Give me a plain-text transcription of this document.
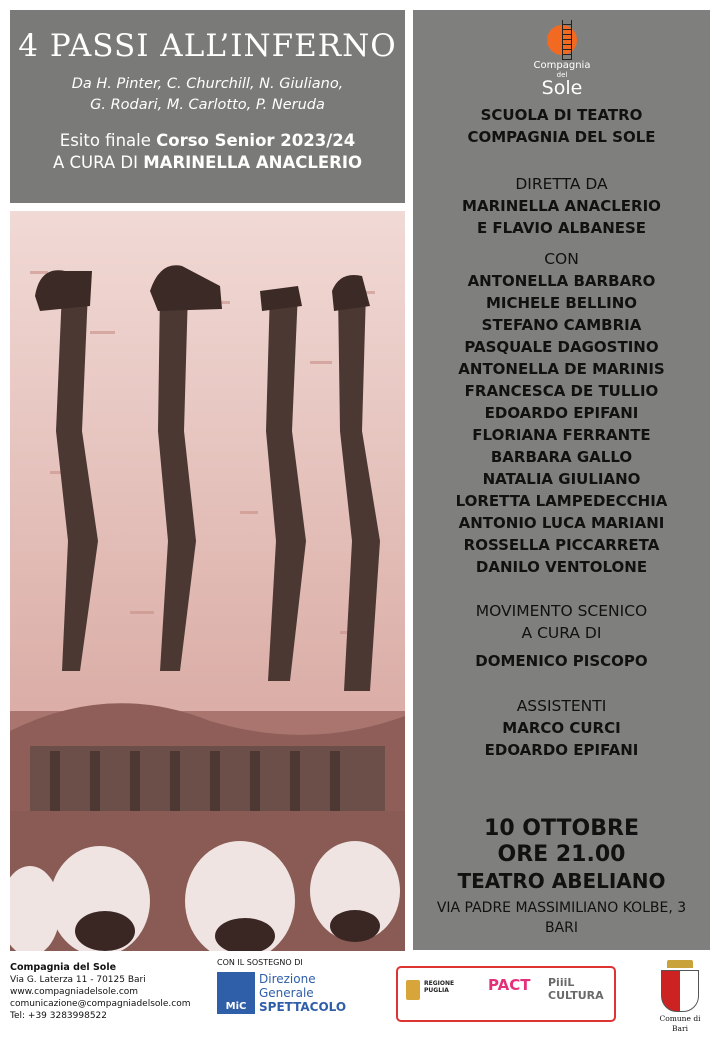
4 PASSI ALL’INFERNO
Da H. Pinter, C. Churchill, N. Giuliano,
G. Rodari, M. Carlotto, P. Neruda
Esito finale Corso Senior 2023/24
A CURA DI MARINELLA ANACLERIO
Compagnia
del
Sole
SCUOLA DI TEATRO
COMPAGNIA DEL SOLE
DIRETTA DA
MARINELLA ANACLERIO
E FLAVIO ALBANESE
CON
ANTONELLA BARBARO
MICHELE BELLINO
STEFANO CAMBRIA
PASQUALE DAGOSTINO
ANTONELLA DE MARINIS
FRANCESCA DE TULLIO
EDOARDO EPIFANI
FLORIANA FERRANTE
BARBARA GALLO
NATALIA GIULIANO
LORETTA LAMPEDECCHIA
ANTONIO LUCA MARIANI
ROSSELLA PICCARRETA
DANILO VENTOLONE
MOVIMENTO SCENICO
A CURA DI
DOMENICO PISCOPO
ASSISTENTI
MARCO CURCI
EDOARDO EPIFANI
10 OTTOBRE
ORE 21.00
TEATRO ABELIANO
VIA PADRE MASSIMILIANO KOLBE, 3
BARI
Compagnia del Sole
Via G. Laterza 11 - 70125 Bari
www.compagniadelsole.com
comunicazione@compagniadelsole.com
Tel: +39 3283998522
CON IL SOSTEGNO DI
MiC
Direzione
Generale
SPETTACOLO
REGIONE PUGLIA	PACT	PiiiL CULTURA
Comune di Bari
